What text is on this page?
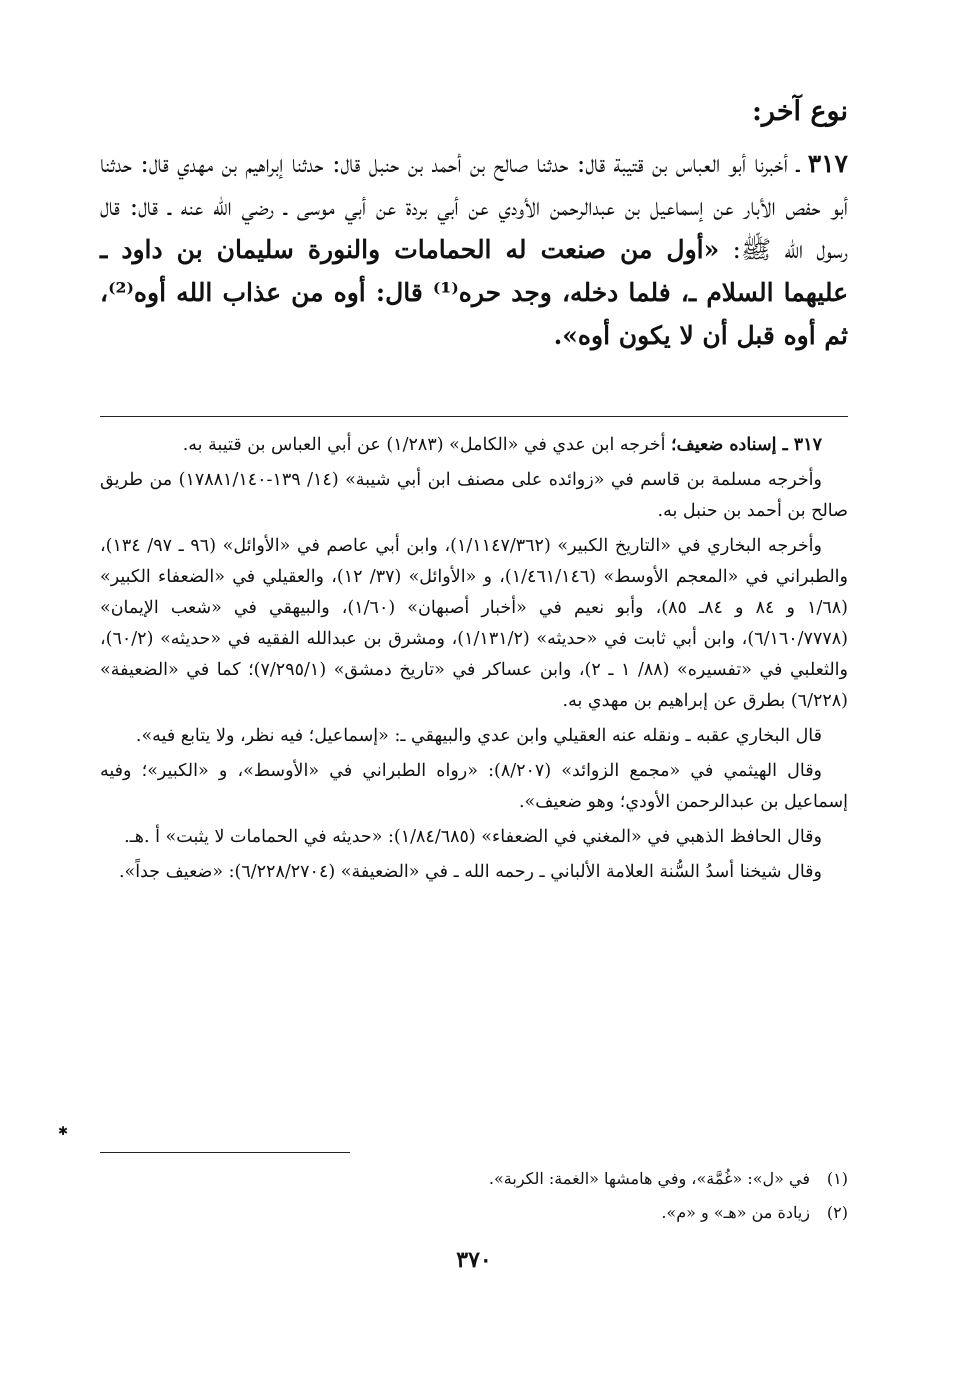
نوع آخر:

٣١٧ ـ أخبرنا أبو العباس بن قتيبة قال: حدثنا صالح بن أحمد بن حنبل قال: حدثنا إبراهيم بن مهدي قال: حدثنا أبو حفص الأبار عن إسماعيل بن عبدالرحمن الأودي عن أبي بردة عن أبي موسى ـ رضي الله عنه ـ قال: قال رسول الله ﷺ: «أول من صنعت له الحمامات والنورة سليمان بن داود ـ عليهما السلام ـ، فلما دخله، وجد حره⁽¹⁾ قال: أوه من عذاب الله أوه⁽²⁾، ثم أوه قبل أن لا يكون أوه».

٣١٧ ـ إسناده ضعيف؛ أخرجه ابن عدي في «الكامل» (١/٢٨٣) عن أبي العباس بن قتيبة به.

وأخرجه مسلمة بن قاسم في «زوائده على مصنف ابن أبي شيبة» (١٤/ ١٣٩-١٧٨٨١/١٤٠) من طريق صالح بن أحمد بن حنبل به.

وأخرجه البخاري في «التاريخ الكبير» (١/١١٤٧/٣٦٢)، وابن أبي عاصم في «الأوائل» (٩٦ ـ ٩٧/ ١٣٤)، والطبراني في «المعجم الأوسط» (١/٤٦١/١٤٦)، و «الأوائل» (٣٧/ ١٢)، والعقيلي في «الضعفاء الكبير» (١/٦٨ و ٨٤ و ٨٤ـ ٨٥)، وأبو نعيم في «أخبار أصبهان» (١/٦٠)، والبيهقي في «شعب الإيمان» (٦/١٦٠/٧٧٧٨)، وابن أبي ثابت في «حديثه» (١/١٣١/٢)، ومشرق بن عبدالله الفقيه في «حديثه» (٦٠/٢)، والثعلبي في «تفسيره» (٨٨/ ١ ـ ٢)، وابن عساكر في «تاريخ دمشق» (٧/٢٩٥/١)؛ كما في «الضعيفة» (٦/٢٢٨) بطرق عن إبراهيم بن مهدي به.

قال البخاري عقبه ـ ونقله عنه العقيلي وابن عدي والبيهقي ـ: «إسماعيل؛ فيه نظر، ولا يتابع فيه».

وقال الهيثمي في «مجمع الزوائد» (٨/٢٠٧): «رواه الطبراني في «الأوسط»، و «الكبير»؛ وفيه إسماعيل بن عبدالرحمن الأودي؛ وهو ضعيف».

وقال الحافظ الذهبي في «المغني في الضعفاء» (١/٨٤/٦٨٥): «حديثه في الحمامات لا يثبت» أ .هـ.

وقال شيخنا أسدُ السُّنة العلامة الألباني ـ رحمه الله ـ في «الضعيفة» (٦/٢٢٨/٢٧٠٤): «ضعيف جداً».

(١)في «ل»: «غُمَّة»، وفي هامشها «الغمة: الكربة».

(٢)زيادة من «هـ» و «م».

٣٧٠
✱
